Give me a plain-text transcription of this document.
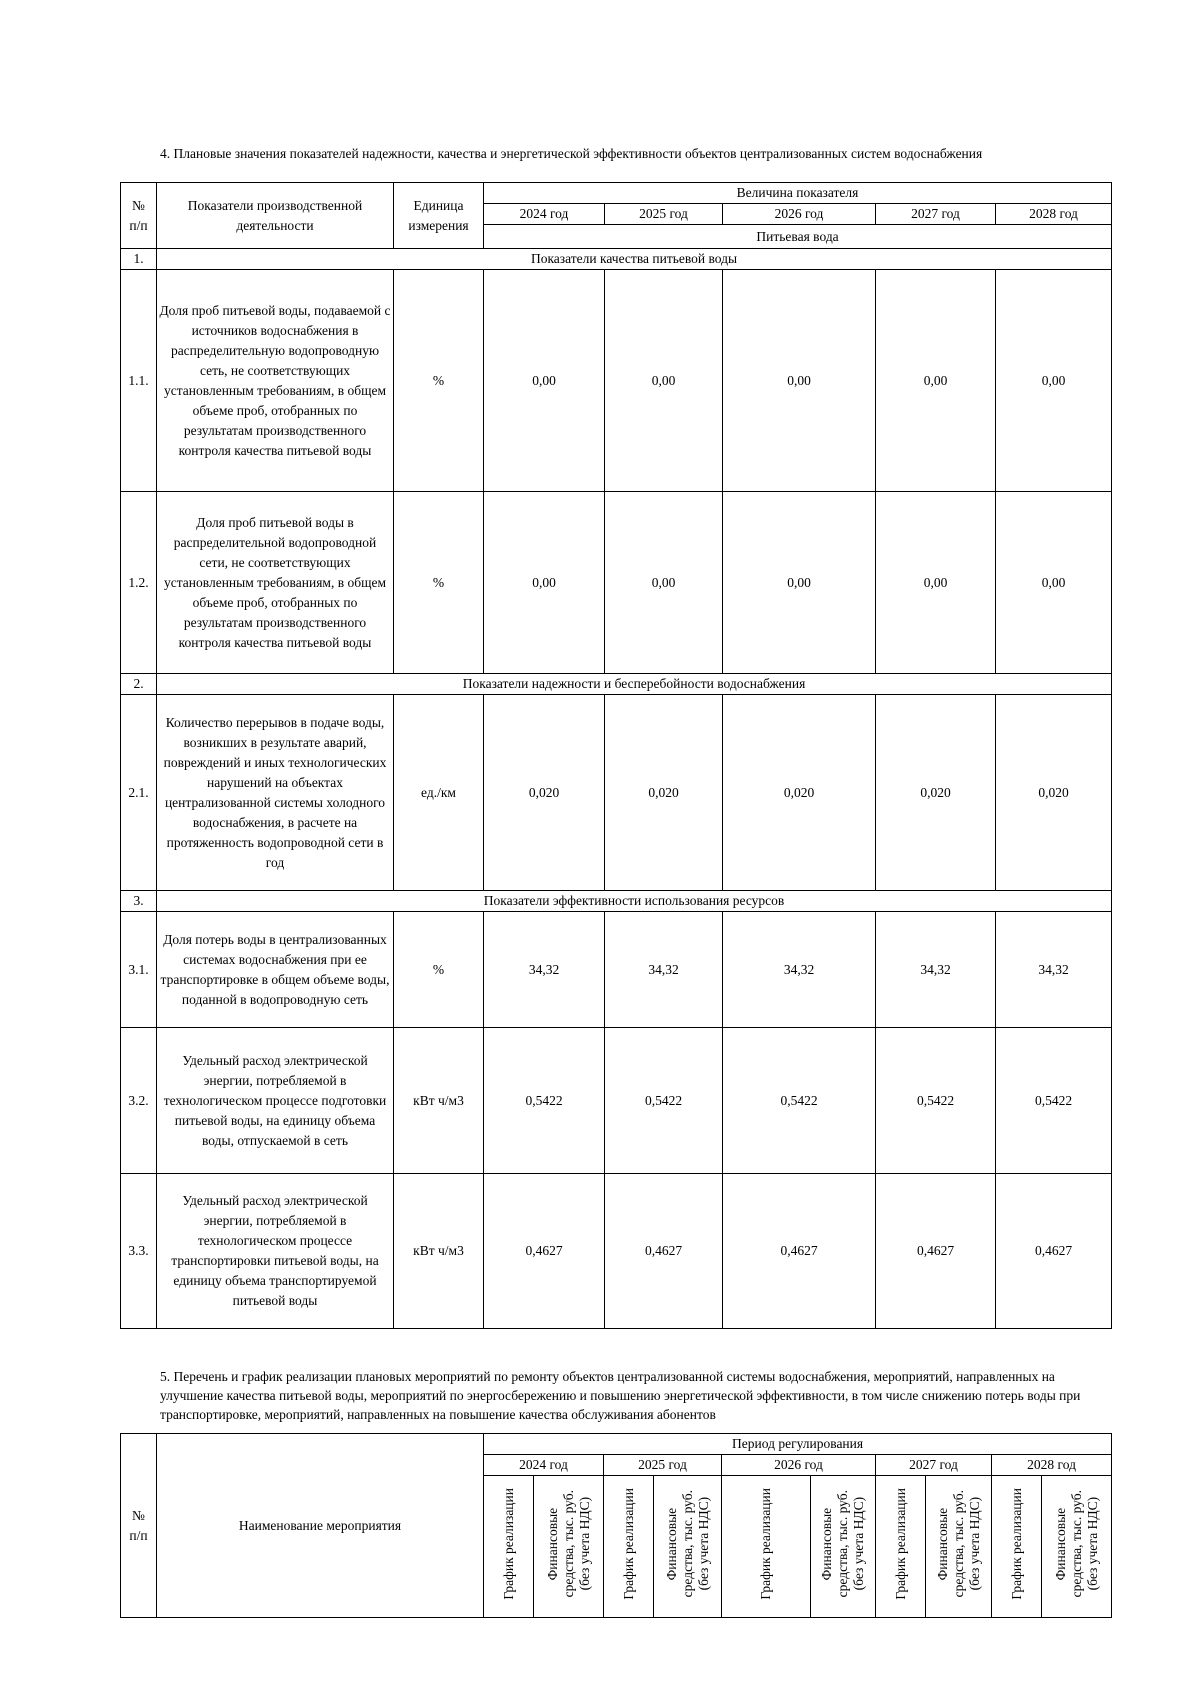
4. Плановые значения показателей надежности, качества и энергетической эффективности объектов централизованных систем водоснабжения
№
п/п	Показатели производственной деятельности	Единица измерения	Величина показателя				
			2024 год	2025 год	2026 год	2027 год	2028 год
			Питьевая вода				
1.	Показатели качества питьевой воды						
1.1.	Доля проб питьевой воды, подаваемой с источников водоснабжения в распределительную водопроводную сеть, не соответствующих установленным требованиям, в общем объеме проб, отобранных по результатам производственного контроля качества питьевой воды	%	0,00	0,00	0,00	0,00	0,00
1.2.	Доля проб питьевой воды в распределительной водопроводной сети, не соответствующих установленным требованиям, в общем объеме проб, отобранных по результатам производственного контроля качества питьевой воды	%	0,00	0,00	0,00	0,00	0,00
2.	Показатели надежности и бесперебойности водоснабжения						
2.1.	Количество перерывов в подаче воды, возникших в результате аварий, повреждений и иных технологических нарушений на объектах централизованной системы холодного водоснабжения, в расчете на протяженность водопроводной сети в год	ед./км	0,020	0,020	0,020	0,020	0,020
3.	Показатели эффективности использования ресурсов						
3.1.	Доля потерь воды в централизованных системах водоснабжения при ее транспортировке в общем объеме воды, поданной в водопроводную сеть	%	34,32	34,32	34,32	34,32	34,32
3.2.	Удельный расход электрической энергии, потребляемой в технологическом процессе подготовки питьевой воды, на единицу объема воды, отпускаемой в сеть	кВт ч/м3	0,5422	0,5422	0,5422	0,5422	0,5422
3.3.	Удельный расход электрической энергии, потребляемой в технологическом процессе транспортировки питьевой воды, на единицу объема транспортируемой питьевой воды	кВт ч/м3	0,4627	0,4627	0,4627	0,4627	0,4627
5. Перечень и график реализации плановых мероприятий по ремонту объектов централизованной системы водоснабжения, мероприятий, направленных на улучшение качества питьевой воды, мероприятий по энергосбережению и повышению энергетической эффективности, в том числе снижению потерь воды при транспортировке, мероприятий, направленных на повышение качества обслуживания абонентов
№
п/п	Наименование мероприятия	Период регулирования									
		2024 год		2025 год		2026 год		2027 год		2028 год	
		График реализации	Финансовые
средства, тыс. руб.
(без учета НДС)	График реализации	Финансовые
средства, тыс. руб.
(без учета НДС)	График реализации	Финансовые
средства, тыс. руб.
(без учета НДС)	График реализации	Финансовые
средства, тыс. руб.
(без учета НДС)	График реализации	Финансовые
средства, тыс. руб.
(без учета НДС)
